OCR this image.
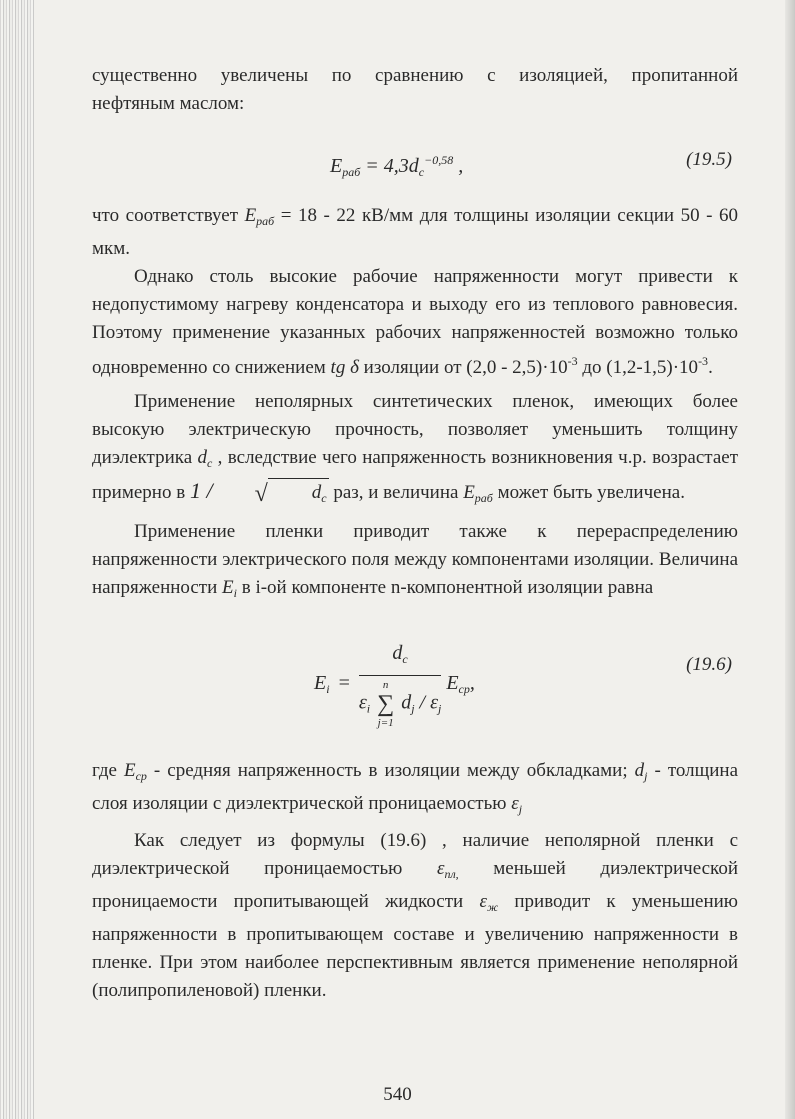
существенно увеличены по сравнению с изоляцией, пропитанной

нефтяным маслом:

$E_{раб} = 4,3d_c^{-0,58}$ ,	(19.5)

что соответствует $E_{раб} = 18 - 22$ кВ/мм для толщины изоляции секции 50 - 60 мкм.

Однако столь высокие рабочие напряженности могут привести к недопустимому нагреву конденсатора и выходу его из теплового равновесия. Поэтому применение указанных рабочих напряженностей возможно только одновременно со снижением tg δ изоляции от $(2,0 - 2,5)\cdot 10^{-3}$ до $(1,2-1,5)\cdot 10^{-3}$.

Применение неполярных синтетических пленок, имеющих более высокую электрическую прочность, позволяет уменьшить толщину диэлектрика $d_c$ , вследствие чего напряженность возникновения ч.р. возрастает примерно в 1 / √ $d_c$ раз, и величина $E_{раб}$ может быть увеличена.

Применение пленки приводит также к перераспределению напряженности электрического поля между компонентами изоляции. Величина напряженности $E_i$ в i-ой компоненте n-компонентной изоляции равна

$E_i$ =
$d_c$
$\varepsilon_i$
n
∑
j=1
$d_j / \varepsilon_j$
$E_{ср}$,
(19.6)

где $E_{ср}$ - средняя напряженность в изоляции между обкладками; $d_j$ - толщина слоя изоляции с диэлектрической проницаемостью $\varepsilon_j$

Как следует из формулы (19.6) , наличие неполярной пленки с диэлектрической проницаемостью $\varepsilon_{пл,}$ меньшей диэлектрической проницаемости пропитывающей жидкости $\varepsilon_ж$ приводит к уменьшению напряженности в пропитывающем составе и увеличению напряженности в пленке. При этом наиболее перспективным является применение неполярной (полипропиленовой) пленки.

540
